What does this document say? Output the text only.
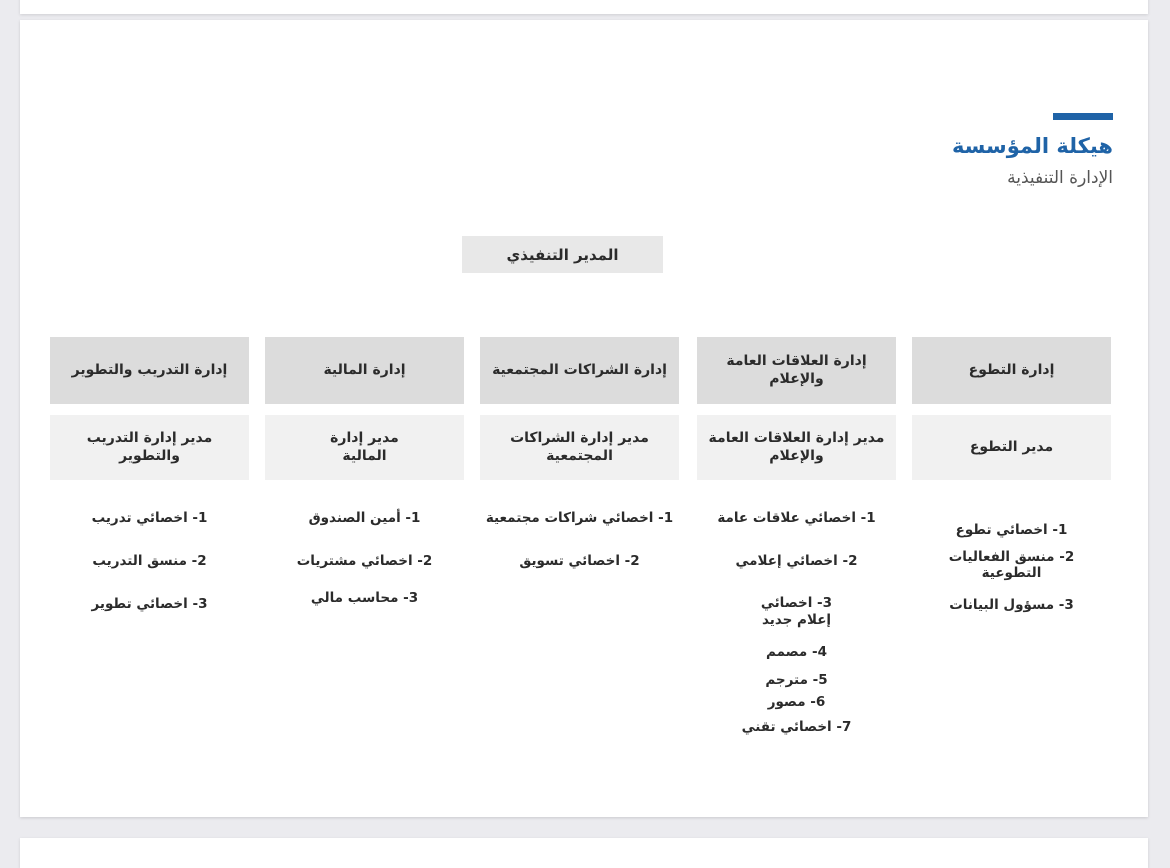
هيكلة المؤسسة
الإدارة التنفيذية
المدير التنفيذي
إدارة التطوع
مدير التطوع
1- اخصائي تطوع
2- منسق الفعاليات التطوعية
3- مسؤول البيانات
إدارة العلاقات العامة والإعلام
مدير إدارة العلاقات العامة والإعلام
1- اخصائي علاقات عامة
2- اخصائي إعلامي
3- اخصائي إعلام جديد
4- مصمم
5- مترجم
6- مصور
7- اخصائي تقني
إدارة الشراكات المجتمعية
مدير إدارة الشراكات المجتمعية
1- اخصائي شراكات مجتمعية
2- اخصائي تسويق
إدارة المالية
مدير إدارة المالية
1- أمين الصندوق
2- اخصائي مشتريات
3- محاسب مالي
إدارة التدريب والتطوير
مدير إدارة التدريب والتطوير
1- اخصائي تدريب
2- منسق التدريب
3- اخصائي تطوير
